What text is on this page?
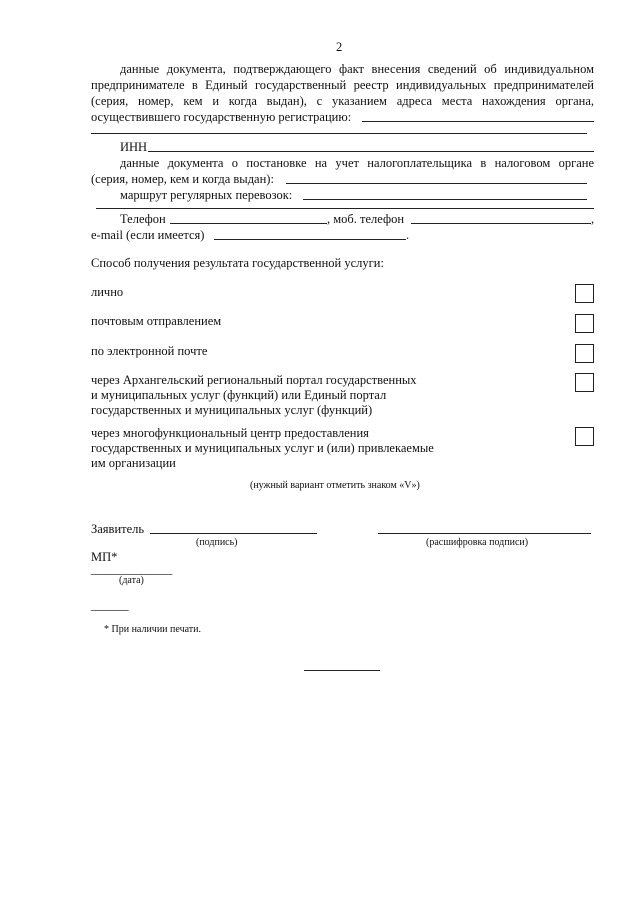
2
данные документа, подтверждающего факт внесения сведений об индивидуальном
предпринимателе в Единый государственный реестр индивидуальных предпринимателей
(серия, номер, кем и когда выдан), с указанием адреса места нахождения органа,
осуществившего государственную регистрацию:
ИНН
данные документа о постановке на учет налогоплательщика в налоговом органе
(серия, номер, кем и когда выдан):
маршрут регулярных перевозок:
Телефон	, моб. телефон	,
e-mail (если имеется)	.
Способ получения результата государственной услуги:
лично
почтовым отправлением
по электронной почте
через Архангельский региональный портал государственных
и муниципальных услуг (функций) или Единый портал
государственных и муниципальных услуг (функций)
через многофункциональный центр предоставления
государственных и муниципальных услуг и (или) привлекаемые
им организации
(нужный вариант отметить знаком «V»)
Заявитель
(подпись)	(расшифровка подписи)
МП*
_____________
(дата)
______
* При наличии печати.
